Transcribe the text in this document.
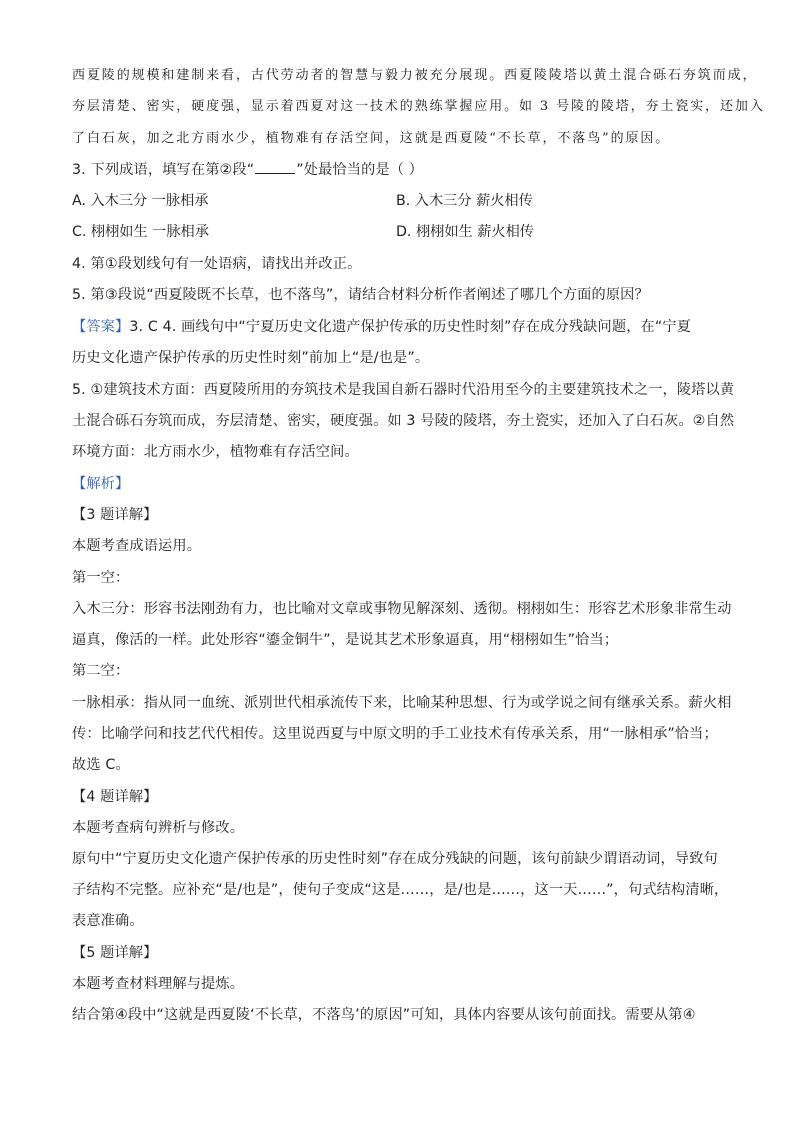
西夏陵的规模和建制来看，古代劳动者的智慧与毅力被充分展现。西夏陵陵塔以黄土混合砾石夯筑而成，
夯层清楚、密实，硬度强，显示着西夏对这一技术的熟练掌握应用。如 3 号陵的陵塔，夯土瓷实，还加入
了白石灰，加之北方雨水少，植物难有存活空间，这就是西夏陵“不长草，不落鸟”的原因。
3. 下列成语，填写在第②段“	”处最恰当的是（ ）
A. 入木三分 一脉相承	B. 入木三分 薪火相传
C. 栩栩如生 一脉相承	D. 栩栩如生 薪火相传
4. 第①段划线句有一处语病，请找出并改正。
5. 第③段说“西夏陵既不长草，也不落鸟”，请结合材料分析作者阐述了哪几个方面的原因？
【答案】3. C 4. 画线句中“宁夏历史文化遗产保护传承的历史性时刻”存在成分残缺问题，在“宁夏
历史文化遗产保护传承的历史性时刻”前加上“是/也是”。
5. ①建筑技术方面：西夏陵所用的夯筑技术是我国自新石器时代沿用至今的主要建筑技术之一，陵塔以黄
土混合砾石夯筑而成，夯层清楚、密实，硬度强。如 3 号陵的陵塔，夯土瓷实，还加入了白石灰。②自然
环境方面：北方雨水少，植物难有存活空间。
【解析】
【3 题详解】
本题考查成语运用。
第一空：
入木三分：形容书法刚劲有力，也比喻对文章或事物见解深刻、透彻。栩栩如生：形容艺术形象非常生动
逼真，像活的一样。此处形容“鎏金铜牛”，是说其艺术形象逼真，用“栩栩如生”恰当；
第二空：
一脉相承：指从同一血统、派别世代相承流传下来，比喻某种思想、行为或学说之间有继承关系。薪火相
传：比喻学问和技艺代代相传。这里说西夏与中原文明的手工业技术有传承关系，用“一脉相承”恰当；
故选 C。
【4 题详解】
本题考查病句辨析与修改。
原句中“宁夏历史文化遗产保护传承的历史性时刻”存在成分残缺的问题，该句前缺少谓语动词，导致句
子结构不完整。应补充“是/也是”，使句子变成“这是……，是/也是……，这一天……”，句式结构清晰，
表意准确。
【5 题详解】
本题考查材料理解与提炼。
结合第④段中“这就是西夏陵‘不长草，不落鸟’的原因”可知，具体内容要从该句前面找。需要从第④
